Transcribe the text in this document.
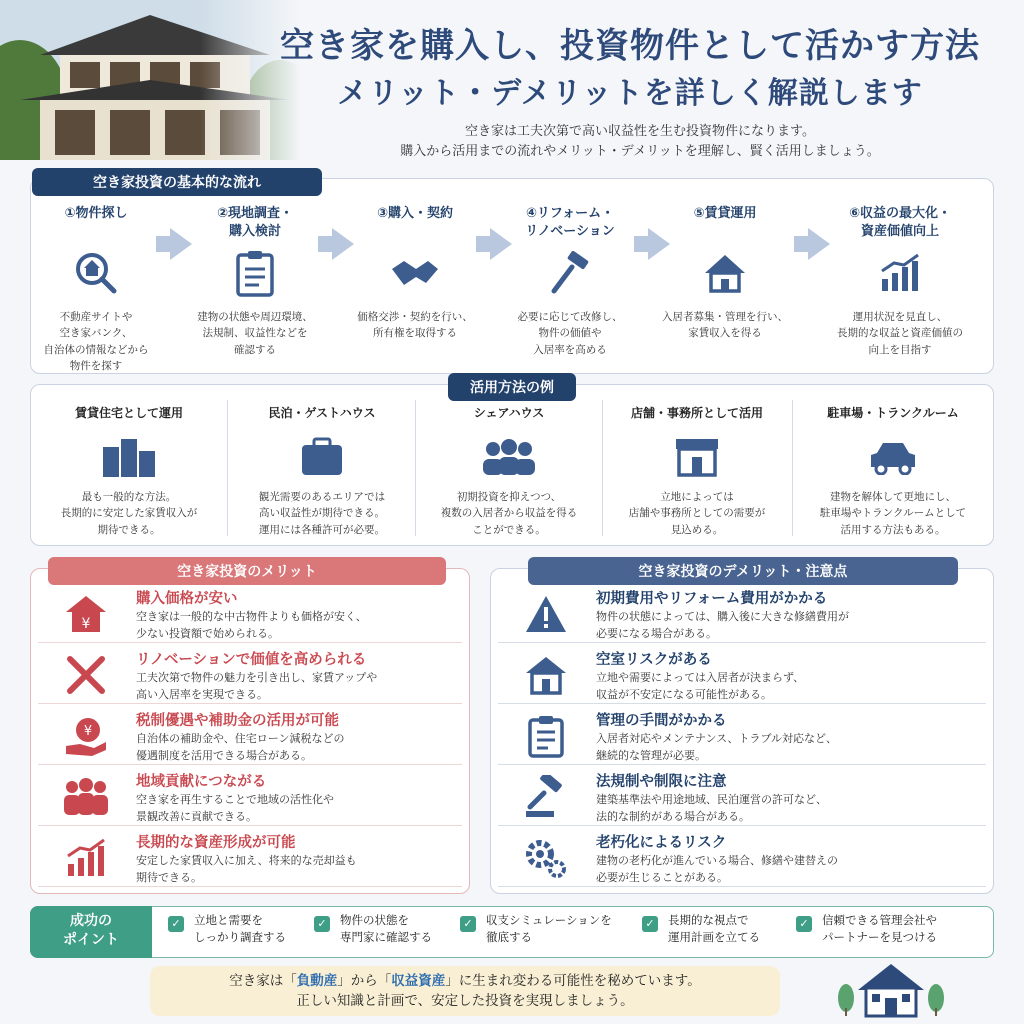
空き家を購入し、投資物件として活かす方法
メリット・デメリットを詳しく解説します
空き家は工夫次第で高い収益性を生む投資物件になります。
購入から活用までの流れやメリット・デメリットを理解し、賢く活用しましょう。
空き家投資の基本的な流れ
①物件探し
不動産サイトや
空き家バンク、
自治体の情報などから
物件を探す
②現地調査・
購入検討
建物の状態や周辺環境、
法規制、収益性などを
確認する
③購入・契約
価格交渉・契約を行い、
所有権を取得する
④リフォーム・
リノベーション
必要に応じて改修し、
物件の価値や
入居率を高める
⑤賃貸運用
入居者募集・管理を行い、
家賃収入を得る
⑥収益の最大化・
資産価値向上
運用状況を見直し、
長期的な収益と資産価値の
向上を目指す
活用方法の例
賃貸住宅として運用
最も一般的な方法。
長期的に安定した家賃収入が
期待できる。
民泊・ゲストハウス
観光需要のあるエリアでは
高い収益性が期待できる。
運用には各種許可が必要。
シェアハウス
初期投資を抑えつつ、
複数の入居者から収益を得る
ことができる。
店舗・事務所として活用
立地によっては
店舗や事務所としての需要が
見込める。
駐車場・トランクルーム
建物を解体して更地にし、
駐車場やトランクルームとして
活用する方法もある。
空き家投資のメリット
¥
購入価格が安い
空き家は一般的な中古物件よりも価格が安く、
少ない投資額で始められる。
リノベーションで価値を高められる
工夫次第で物件の魅力を引き出し、家賃アップや
高い入居率を実現できる。
¥
税制優遇や補助金の活用が可能
自治体の補助金や、住宅ローン減税などの
優遇制度を活用できる場合がある。
地域貢献につながる
空き家を再生することで地域の活性化や
景観改善に貢献できる。
長期的な資産形成が可能
安定した家賃収入に加え、将来的な売却益も
期待できる。
空き家投資のデメリット・注意点
初期費用やリフォーム費用がかかる
物件の状態によっては、購入後に大きな修繕費用が
必要になる場合がある。
空室リスクがある
立地や需要によっては入居者が決まらず、
収益が不安定になる可能性がある。
管理の手間がかかる
入居者対応やメンテナンス、トラブル対応など、
継続的な管理が必要。
法規制や制限に注意
建築基準法や用途地域、民泊運営の許可など、
法的な制約がある場合がある。
老朽化によるリスク
建物の老朽化が進んでいる場合、修繕や建替えの
必要が生じることがある。
成功の
ポイント
✓ 立地と需要を
しっかり調査する
✓ 物件の状態を
専門家に確認する
✓ 収支シミュレーションを
徹底する
✓ 長期的な視点で
運用計画を立てる
✓ 信頼できる管理会社や
パートナーを見つける
空き家は「負動産」から「収益資産」に生まれ変わる可能性を秘めています。
正しい知識と計画で、安定した投資を実現しましょう。
